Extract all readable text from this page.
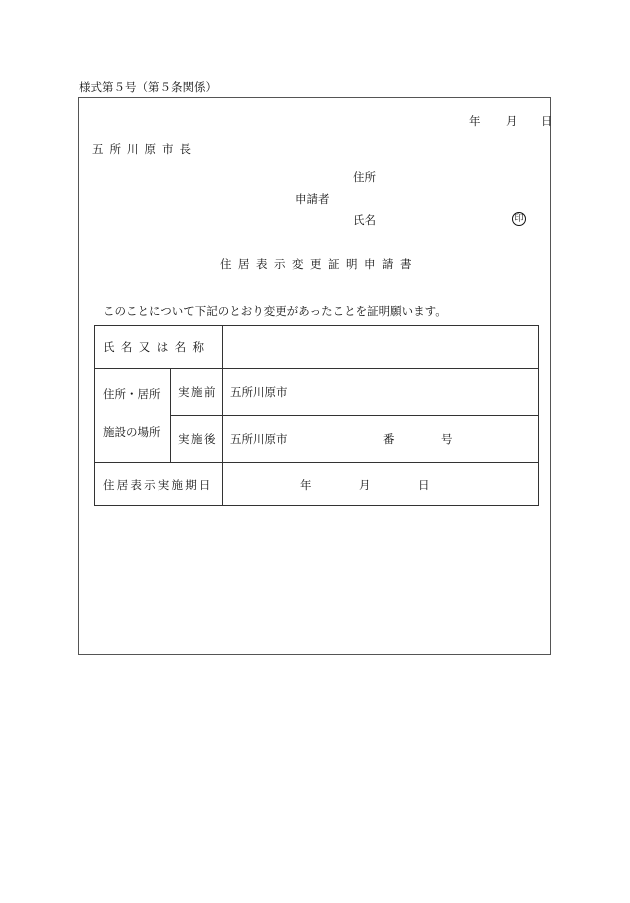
様式第５号（第５条関係）
年 月 日
五所川原市長
住所
申請者
氏名	印
住居表示変更証明申請書
このことについて下記のとおり変更があったことを証明願います。
氏名又は名称
住所・居所
施設の場所
実施前 五所川原市
実施後 五所川原市	番	号
住居表示実施期日	年	月	日
